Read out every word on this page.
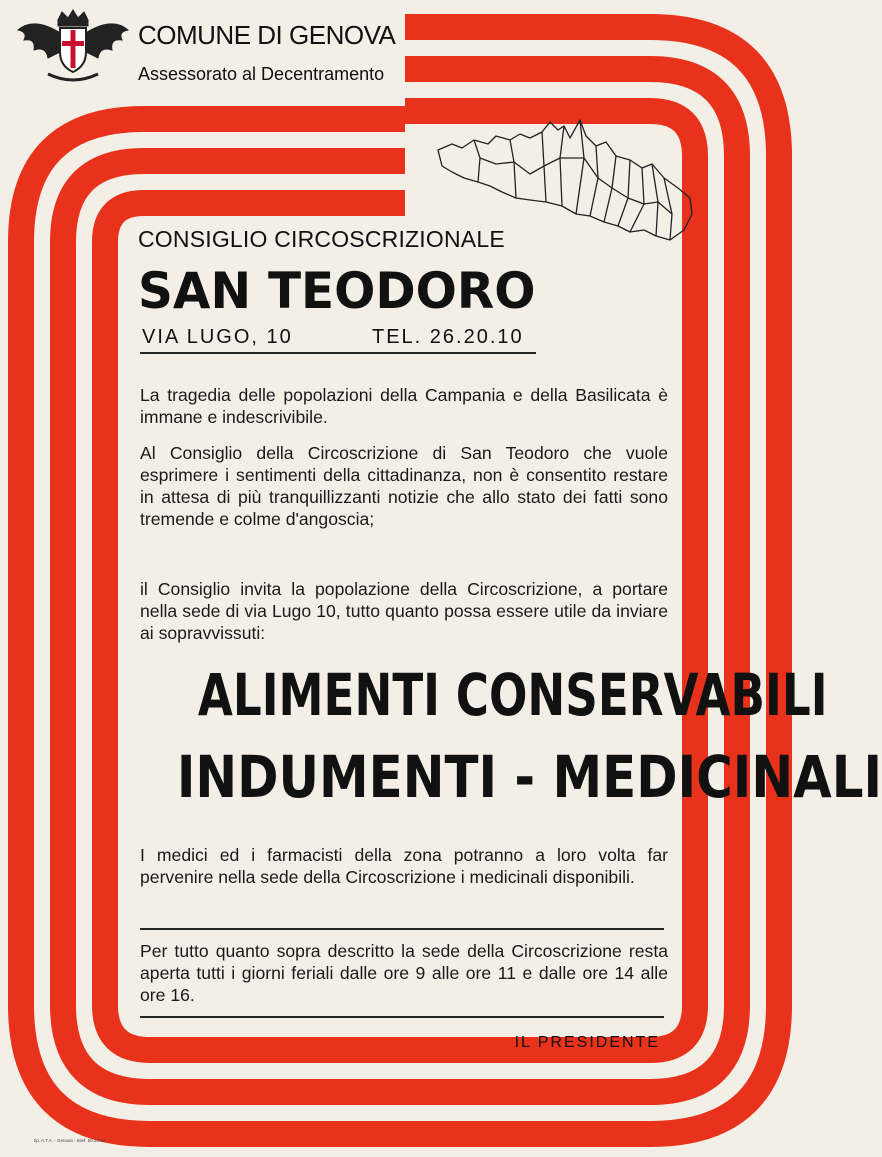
COMUNE DI GENOVA
Assessorato al Decentramento
CONSIGLIO CIRCOSCRIZIONALE
SAN TEODORO
VIA LUGO, 10	TEL. 26.20.10
La tragedia delle popolazioni della Campania e della Basilicata è immane e indescrivibile.
Al Consiglio della Circoscrizione di San Teodoro che vuole esprimere i sentimenti della cittadinanza, non è consentito restare in attesa di più tranquillizzanti notizie che allo stato dei fatti sono tremende e colme d'angoscia;
il Consiglio invita la popolazione della Circoscrizione, a portare nella sede di via Lugo 10, tutto quanto possa essere utile da inviare ai sopravvissuti:
ALIMENTI CONSERVABILI
INDUMENTI - MEDICINALI
I medici ed i farmacisti della zona potranno a loro volta far pervenire nella sede della Circoscrizione i medicinali disponibili.
Per tutto quanto sopra descritto la sede della Circoscrizione resta aperta tutti i giorni feriali dalle ore 9 alle ore 11 e dalle ore 14 alle ore 16.
IL PRESIDENTE
tip. A.T.A. - Genova - telef. 50.20.20
